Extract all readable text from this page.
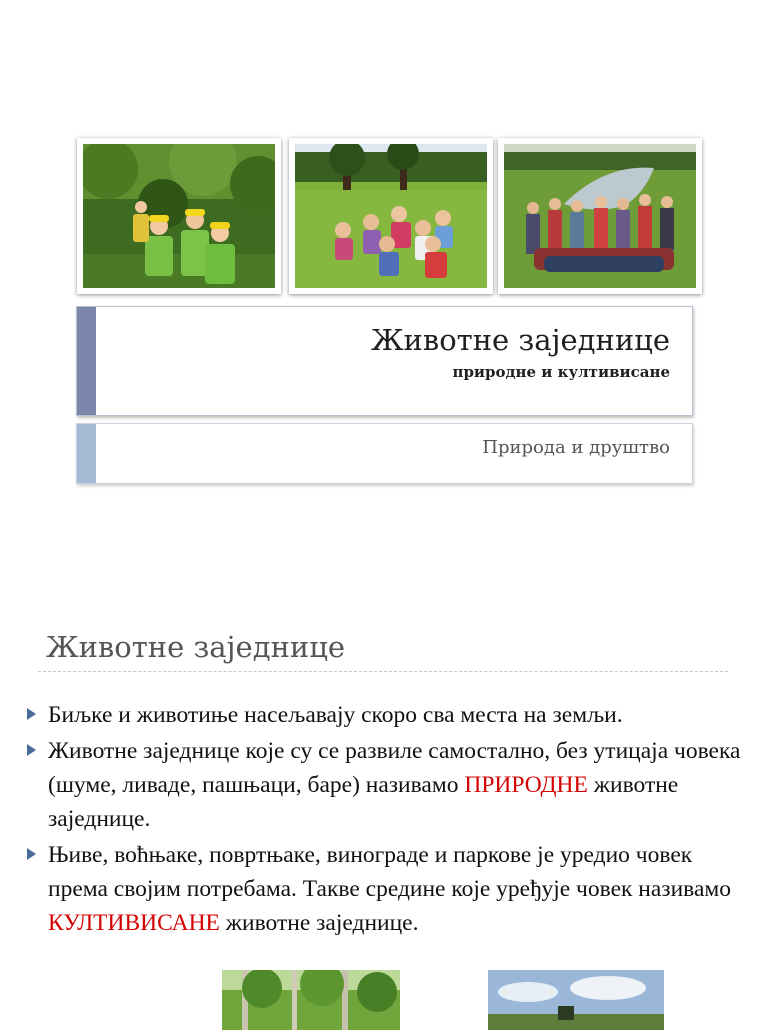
Животне заједнице
природне и култивисане
Природа и друштво
Животне заједнице
Биљке и животиње насељавају скоро сва места на земљи.
Животне заједнице које су се развиле самостално, без утицаја човека (шуме, ливаде, пашњаци, баре) називамо ПРИРОДНЕ животне заједнице.
Њиве, воћњаке, повртњаке, винограде и паркове је уредио човек према својим потребама. Такве средине које уређује човек називамо КУЛТИВИСАНЕ животне заједнице.
